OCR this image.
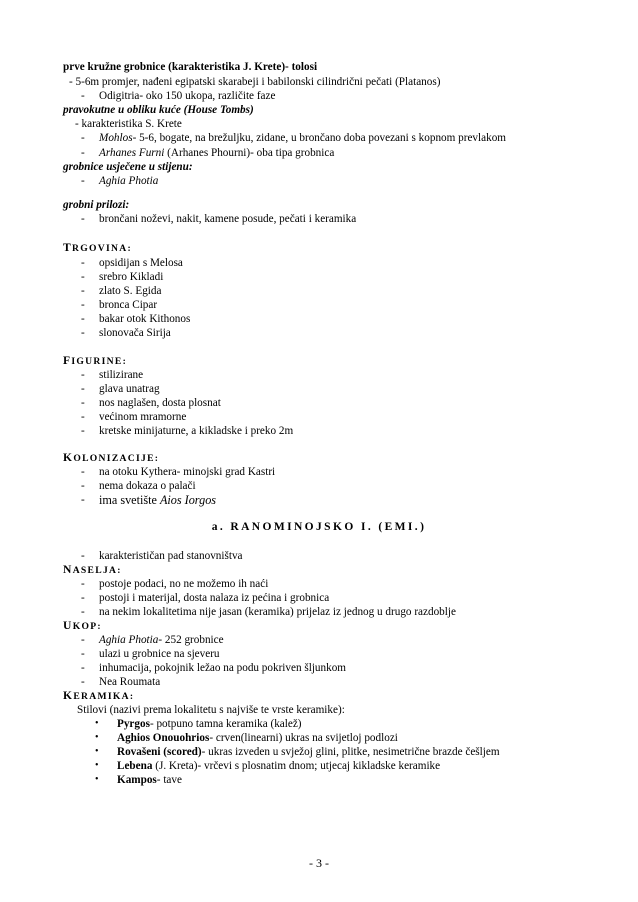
prve kružne grobnice (karakteristika J. Krete)- tolosi
- 5-6m promjer, nađeni egipatski skarabeji i babilonski cilindrični pečati (Platanos)
- Odigitria- oko 150 ukopa, različite faze
pravokutne u obliku kuće (House Tombs)
- karakteristika S. Krete
- Mohlos- 5-6, bogate, na brežuljku, zidane, u brončano doba povezani s kopnom prevlakom
- Arhanes Furni (Arhanes Phourni)- oba tipa grobnica
grobnice usječene u stijenu:
- Aghia Photia
grobni prilozi:
- brončani noževi, nakit, kamene posude, pečati i keramika
TRGOVINA:
- opsidijan s Melosa
- srebro Kikladi
- zlato S. Egida
- bronca Cipar
- bakar otok Kithonos
- slonovača Sirija
FIGURINE:
- stilizirane
- glava unatrag
- nos naglašen, dosta plosnat
- većinom mramorne
- kretske minijaturne, a kikladske i preko 2m
KOLONIZACIJE:
- na otoku Kythera- minojski grad Kastri
- nema dokaza o palači
- ima svetište Aios Iorgos
a. RANOMINOJSKO I. (EMI.)
- karakterističan pad stanovništva
NASELJA:
- postoje podaci, no ne možemo ih naći
- postoji i materijal, dosta nalaza iz pećina i grobnica
- na nekim lokalitetima nije jasan (keramika) prijelaz iz jednog u drugo razdoblje
UKOP:
- Aghia Photia- 252 grobnice
- ulazi u grobnice na sjeveru
- inhumacija, pokojnik ležao na podu pokriven šljunkom
- Nea Roumata
KERAMIKA:
Stilovi (nazivi prema lokalitetu s najviše te vrste keramike):
• Pyrgos- potpuno tamna keramika (kalež)
• Aghios Onouohrios- crven(linearni) ukras na svijetloj podlozi
• Rovašeni (scored)- ukras izveden u svježoj glini, plitke, nesimetrične brazde češljem
• Lebena (J. Kreta)- vrčevi s plosnatim dnom; utjecaj kikladske keramike
• Kampos- tave
- 3 -
